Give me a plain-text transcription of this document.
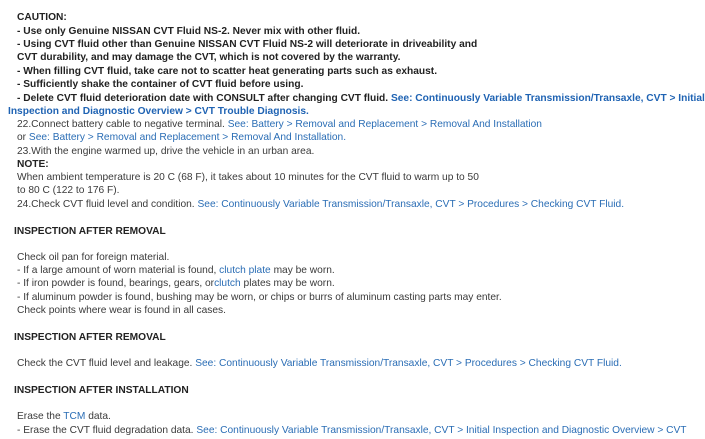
CAUTION:
- Use only Genuine NISSAN CVT Fluid NS-2. Never mix with other fluid.
- Using CVT fluid other than Genuine NISSAN CVT Fluid NS-2 will deteriorate in driveability and
CVT durability, and may damage the CVT, which is not covered by the warranty.
- When filling CVT fluid, take care not to scatter heat generating parts such as exhaust.
- Sufficiently shake the container of CVT fluid before using.
- Delete CVT fluid deterioration date with CONSULT after changing CVT fluid. See: Continuously Variable Transmission/Transaxle, CVT > Initial
Inspection and Diagnostic Overview > CVT Trouble Diagnosis.
22.Connect battery cable to negative terminal. See: Battery > Removal and Replacement > Removal And Installation
or See: Battery > Removal and Replacement > Removal And Installation.
23.With the engine warmed up, drive the vehicle in an urban area.
NOTE:
When ambient temperature is 20 C (68 F), it takes about 10 minutes for the CVT fluid to warm up to 50
to 80 C (122 to 176 F).
24.Check CVT fluid level and condition. See: Continuously Variable Transmission/Transaxle, CVT > Procedures > Checking CVT Fluid.
INSPECTION AFTER REMOVAL
Check oil pan for foreign material.
- If a large amount of worn material is found, clutch plate may be worn.
- If iron powder is found, bearings, gears, orclutch plates may be worn.
- If aluminum powder is found, bushing may be worn, or chips or burrs of aluminum casting parts may enter.
Check points where wear is found in all cases.
INSPECTION AFTER REMOVAL
Check the CVT fluid level and leakage. See: Continuously Variable Transmission/Transaxle, CVT > Procedures > Checking CVT Fluid.
INSPECTION AFTER INSTALLATION
Erase the TCM data.
- Erase the CVT fluid degradation data. See: Continuously Variable Transmission/Transaxle, CVT > Initial Inspection and Diagnostic Overview > CVT
